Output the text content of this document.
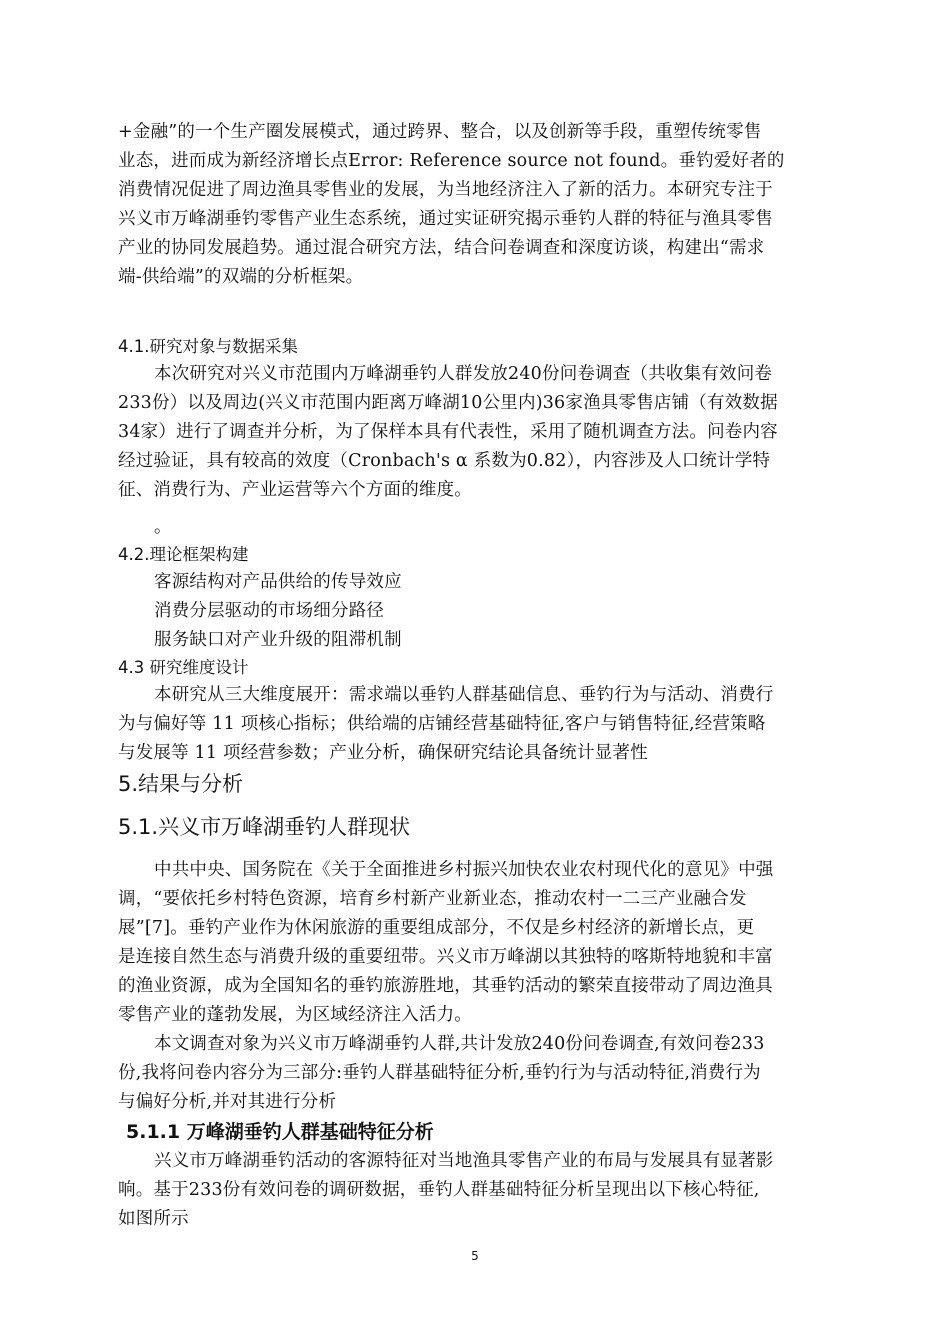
+金融”的一个生产圈发展模式，通过跨界、整合，以及创新等手段，重塑传统零售
业态，进而成为新经济增长点Error: Reference source not found。垂钓爱好者的
消费情况促进了周边渔具零售业的发展，为当地经济注入了新的活力。本研究专注于
兴义市万峰湖垂钓零售产业生态系统，通过实证研究揭示垂钓人群的特征与渔具零售
产业的协同发展趋势。通过混合研究方法，结合问卷调查和深度访谈，构建出“需求
端-供给端”的双端的分析框架。
4.1.研究对象与数据采集
本次研究对兴义市范围内万峰湖垂钓人群发放240份问卷调查（共收集有效问卷
233份）以及周边(兴义市范围内距离万峰湖10公里内)36家渔具零售店铺（有效数据
34家）进行了调查并分析，为了保样本具有代表性，采用了随机调查方法。问卷内容
经过验证，具有较高的效度（Cronbach's α 系数为0.82），内容涉及人口统计学特
征、消费行为、产业运营等六个方面的维度。
。
4.2.理论框架构建
客源结构对产品供给的传导效应
消费分层驱动的市场细分路径
服务缺口对产业升级的阻滞机制
4.3 研究维度设计
本研究从三大维度展开：需求端以垂钓人群基础信息、垂钓行为与活动、消费行
为与偏好等 11 项核心指标；供给端的店铺经营基础特征,客户与销售特征,经营策略
与发展等 11 项经营参数；产业分析，确保研究结论具备统计显著性
5.结果与分析
5.1.兴义市万峰湖垂钓人群现状
中共中央、国务院在《关于全面推进乡村振兴加快农业农村现代化的意见》中强
调，“要依托乡村特色资源，培育乡村新产业新业态，推动农村一二三产业融合发
展”[7]。垂钓产业作为休闲旅游的重要组成部分，不仅是乡村经济的新增长点，更
是连接自然生态与消费升级的重要纽带。兴义市万峰湖以其独特的喀斯特地貌和丰富
的渔业资源，成为全国知名的垂钓旅游胜地，其垂钓活动的繁荣直接带动了周边渔具
零售产业的蓬勃发展，为区域经济注入活力。
本文调查对象为兴义市万峰湖垂钓人群,共计发放240份问卷调查,有效问卷233
份,我将问卷内容分为三部分:垂钓人群基础特征分析,垂钓行为与活动特征,消费行为
与偏好分析,并对其进行分析
5.1.1 万峰湖垂钓人群基础特征分析
兴义市万峰湖垂钓活动的客源特征对当地渔具零售产业的布局与发展具有显著影
响。基于233份有效问卷的调研数据，垂钓人群基础特征分析呈现出以下核心特征,
如图所示
5
